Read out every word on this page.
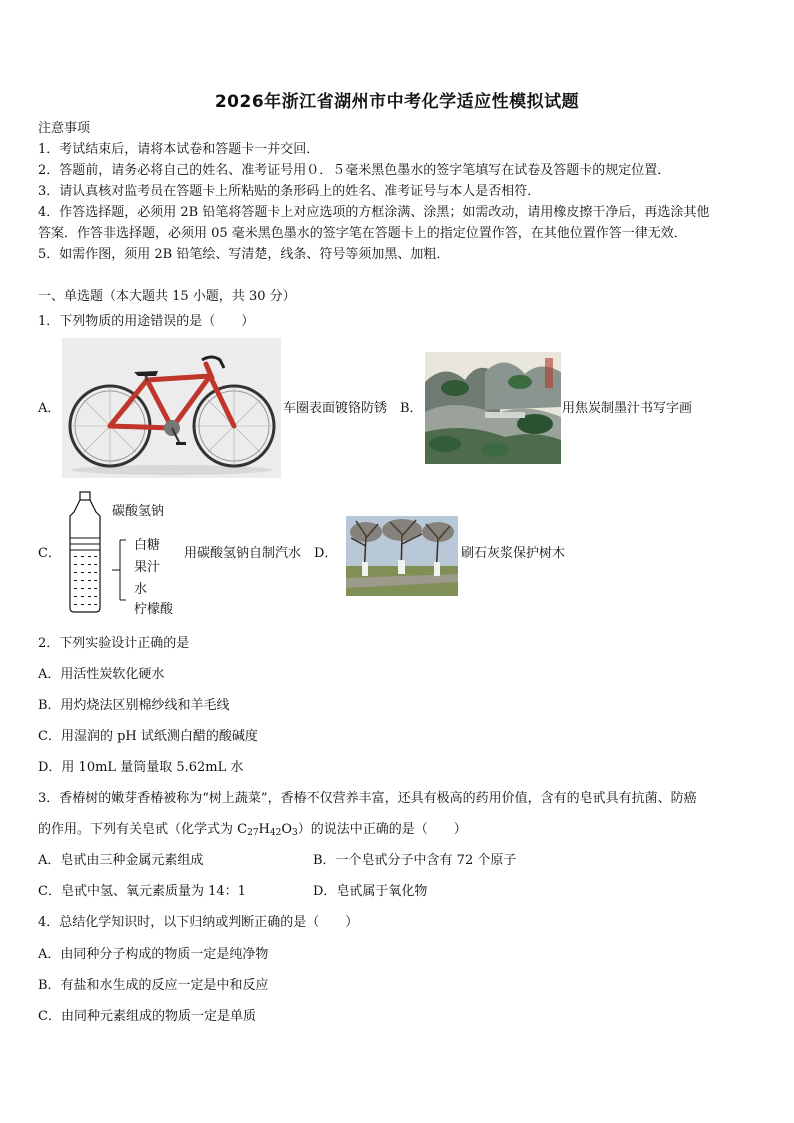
2026年浙江省湖州市中考化学适应性模拟试题
注意事项
1．考试结束后，请将本试卷和答题卡一并交回．
2．答题前，请务必将自己的姓名、准考证号用０．５毫米黑色墨水的签字笔填写在试卷及答题卡的规定位置．
3．请认真核对监考员在答题卡上所粘贴的条形码上的姓名、准考证号与本人是否相符．
4．作答选择题，必须用 2B 铅笔将答题卡上对应选项的方框涂满、涂黑；如需改动，请用橡皮擦干净后，再选涂其他
答案．作答非选择题，必须用 05 毫米黑色墨水的签字笔在答题卡上的指定位置作答，在其他位置作答一律无效．
5．如需作图，须用 2B 铅笔绘、写清楚，线条、符号等须加黑、加粗．
一、单选题（本大题共 15 小题，共 30 分）
1．下列物质的用途错误的是（　　）
A．	车圈表面镀铬防锈 B．	用焦炭制墨汁书写字画
C．
碳酸氢钠
白糖
果汁
水
柠檬酸
用碳酸氢钠自制汽水 D．	刷石灰浆保护树木
2．下列实验设计正确的是
A．用活性炭软化硬水
B．用灼烧法区别棉纱线和羊毛线
C．用湿润的 pH 试纸测白醋的酸碱度
D．用 10mL 量筒量取 5.62mL 水
3．香椿树的嫩芽香椿被称为“树上蔬菜”，香椿不仅营养丰富，还具有极高的药用价值，含有的皂甙具有抗菌、防癌
的作用。下列有关皂甙（化学式为 $C_{27}H_{42}O_3$）的说法中正确的是（　　）
A．皂甙由三种金属元素组成	B．一个皂甙分子中含有 72 个原子
C．皂甙中氢、氧元素质量为 14：1	D．皂甙属于氧化物
4．总结化学知识时，以下归纳或判断正确的是（　　）
A．由同种分子构成的物质一定是纯净物
B．有盐和水生成的反应一定是中和反应
C．由同种元素组成的物质一定是单质
